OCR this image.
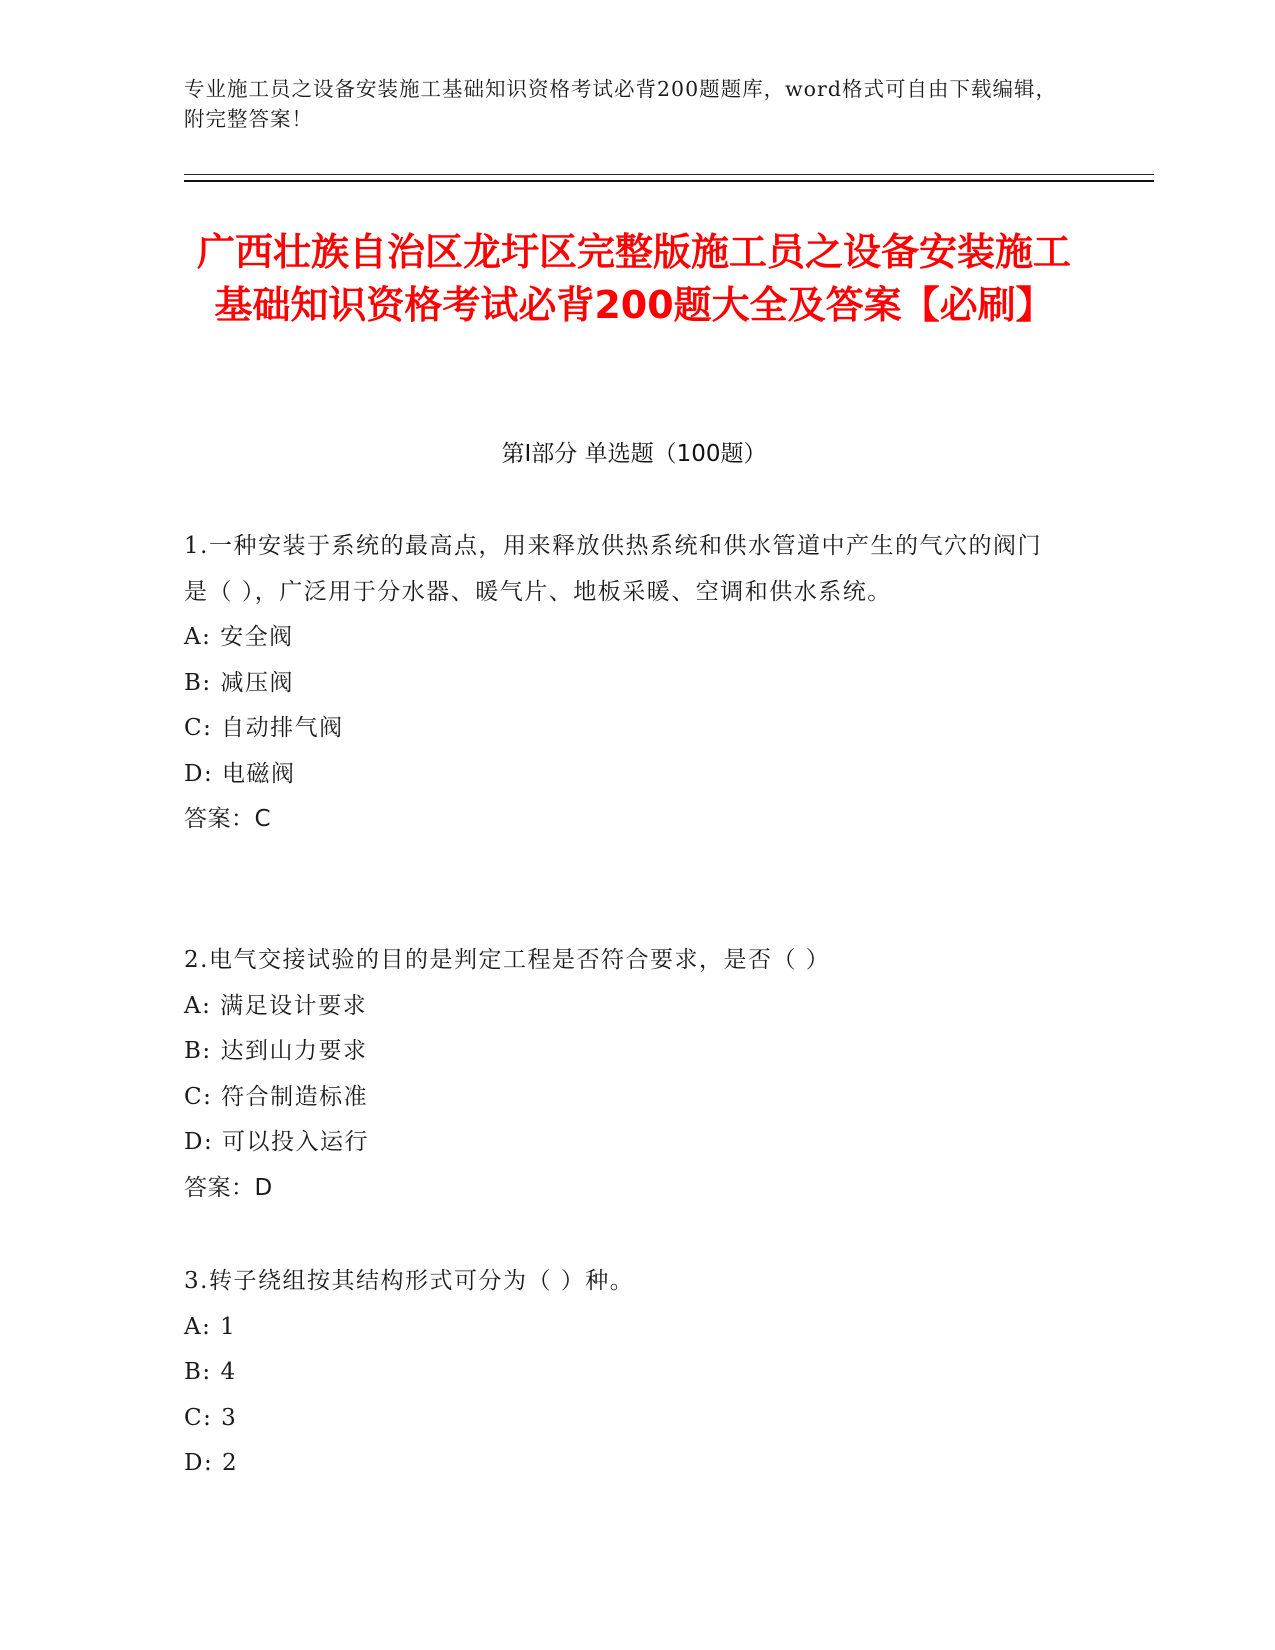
专业施工员之设备安装施工基础知识资格考试必背200题题库，word格式可自由下载编辑，附完整答案！
广西壮族自治区龙圩区完整版施工员之设备安装施工基础知识资格考试必背200题大全及答案【必刷】
第I部分 单选题（100题）
1.一种安装于系统的最高点，用来释放供热系统和供水管道中产生的气穴的阀门是（ ），广泛用于分水器、暖气片、地板采暖、空调和供水系统。
A: 安全阀
B: 减压阀
C: 自动排气阀
D: 电磁阀
答案：C
2.电气交接试验的目的是判定工程是否符合要求，是否（ ）
A: 满足设计要求
B: 达到山力要求
C: 符合制造标准
D: 可以投入运行
答案：D
3.转子绕组按其结构形式可分为（ ）种。
A: 1
B: 4
C: 3
D: 2
